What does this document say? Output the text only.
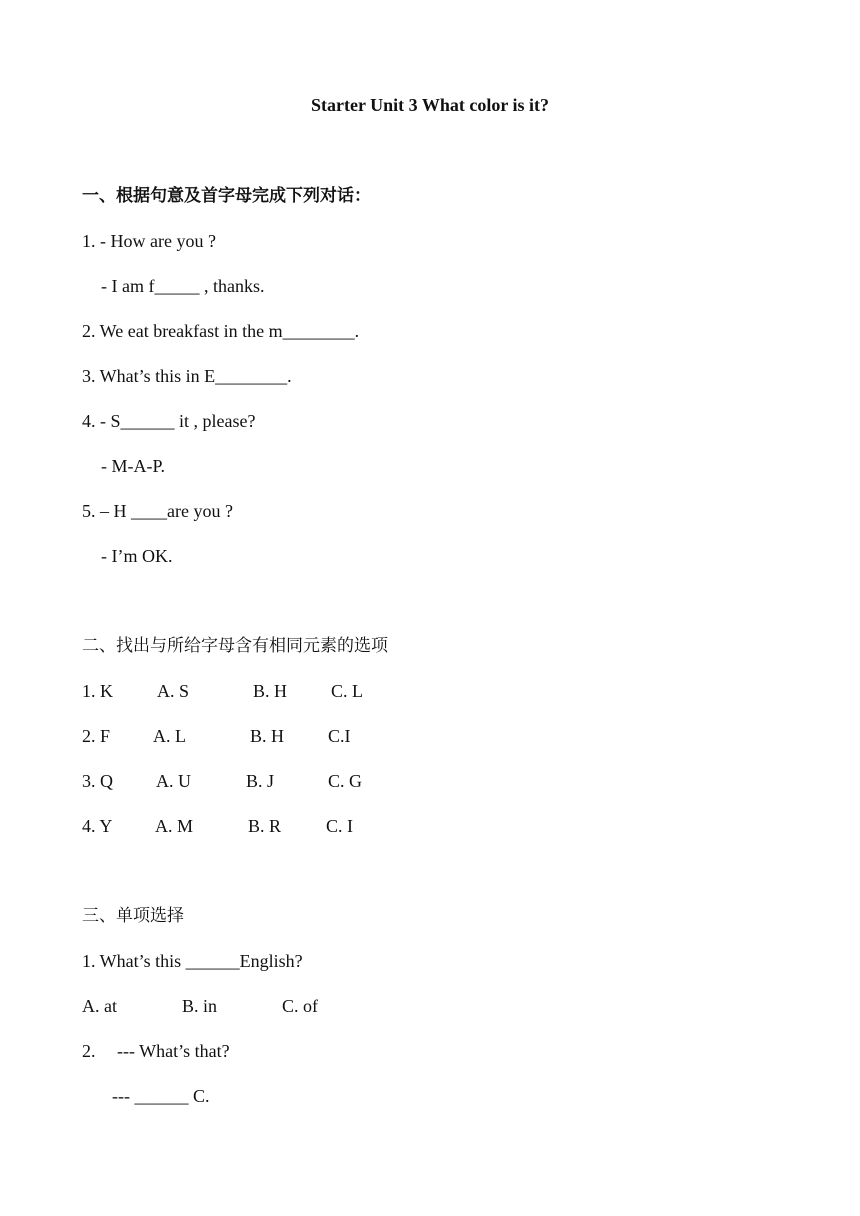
Starter Unit 3 What color is it?
一、根据句意及首字母完成下列对话：
1. - How are you ?
- I am f_____ , thanks.
2. We eat breakfast in the m________.
3. What’s this in E________.
4. - S______ it , please?
- M-A-P.
5. – H ____are you ?
- I’m OK.
二、找出与所给字母含有相同元素的选项
1. K A. S	B. H C. L
2. F A. L	B. H C.I
3. Q A. U	B. J	C. G
4. Y A. M	B. R C. I
三、单项选择
1. What’s this ______English?
A. at	B. in	C. of
2. --- What’s that?
--- ______ C.
